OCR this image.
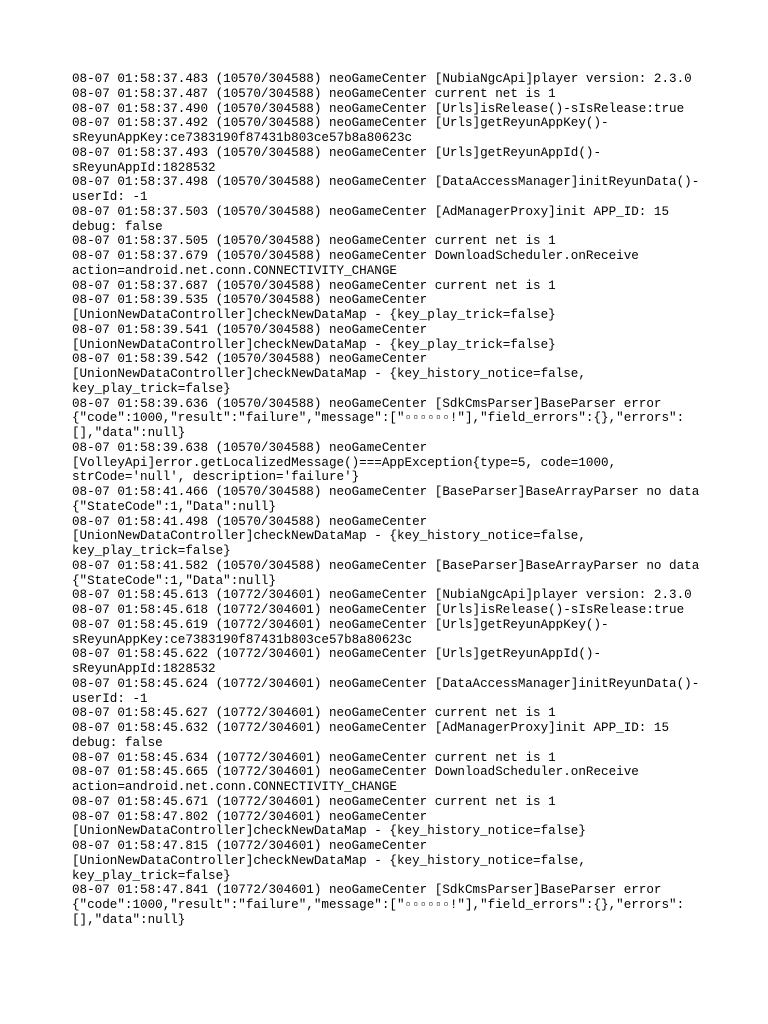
08-07 01:58:37.483 (10570/304588) neoGameCenter [NubiaNgcApi]player version: 2.3.0
08-07 01:58:37.487 (10570/304588) neoGameCenter current net is 1
08-07 01:58:37.490 (10570/304588) neoGameCenter [Urls]isRelease()-sIsRelease:true
08-07 01:58:37.492 (10570/304588) neoGameCenter [Urls]getReyunAppKey()-
sReyunAppKey:ce7383190f87431b803ce57b8a80623c
08-07 01:58:37.493 (10570/304588) neoGameCenter [Urls]getReyunAppId()-
sReyunAppId:1828532
08-07 01:58:37.498 (10570/304588) neoGameCenter [DataAccessManager]initReyunData()-
userId: -1
08-07 01:58:37.503 (10570/304588) neoGameCenter [AdManagerProxy]init APP_ID: 15
debug: false
08-07 01:58:37.505 (10570/304588) neoGameCenter current net is 1
08-07 01:58:37.679 (10570/304588) neoGameCenter DownloadScheduler.onReceive
action=android.net.conn.CONNECTIVITY_CHANGE
08-07 01:58:37.687 (10570/304588) neoGameCenter current net is 1
08-07 01:58:39.535 (10570/304588) neoGameCenter
[UnionNewDataController]checkNewDataMap - {key_play_trick=false}
08-07 01:58:39.541 (10570/304588) neoGameCenter
[UnionNewDataController]checkNewDataMap - {key_play_trick=false}
08-07 01:58:39.542 (10570/304588) neoGameCenter
[UnionNewDataController]checkNewDataMap - {key_history_notice=false,
key_play_trick=false}
08-07 01:58:39.636 (10570/304588) neoGameCenter [SdkCmsParser]BaseParser error
{"code":1000,"result":"failure","message":["▫▫▫▫▫▫!"],"field_errors":{},"errors":
[],"data":null}
08-07 01:58:39.638 (10570/304588) neoGameCenter
[VolleyApi]error.getLocalizedMessage()===AppException{type=5, code=1000,
strCode='null', description='failure'}
08-07 01:58:41.466 (10570/304588) neoGameCenter [BaseParser]BaseArrayParser no data
{"StateCode":1,"Data":null}
08-07 01:58:41.498 (10570/304588) neoGameCenter
[UnionNewDataController]checkNewDataMap - {key_history_notice=false,
key_play_trick=false}
08-07 01:58:41.582 (10570/304588) neoGameCenter [BaseParser]BaseArrayParser no data
{"StateCode":1,"Data":null}
08-07 01:58:45.613 (10772/304601) neoGameCenter [NubiaNgcApi]player version: 2.3.0
08-07 01:58:45.618 (10772/304601) neoGameCenter [Urls]isRelease()-sIsRelease:true
08-07 01:58:45.619 (10772/304601) neoGameCenter [Urls]getReyunAppKey()-
sReyunAppKey:ce7383190f87431b803ce57b8a80623c
08-07 01:58:45.622 (10772/304601) neoGameCenter [Urls]getReyunAppId()-
sReyunAppId:1828532
08-07 01:58:45.624 (10772/304601) neoGameCenter [DataAccessManager]initReyunData()-
userId: -1
08-07 01:58:45.627 (10772/304601) neoGameCenter current net is 1
08-07 01:58:45.632 (10772/304601) neoGameCenter [AdManagerProxy]init APP_ID: 15
debug: false
08-07 01:58:45.634 (10772/304601) neoGameCenter current net is 1
08-07 01:58:45.665 (10772/304601) neoGameCenter DownloadScheduler.onReceive
action=android.net.conn.CONNECTIVITY_CHANGE
08-07 01:58:45.671 (10772/304601) neoGameCenter current net is 1
08-07 01:58:47.802 (10772/304601) neoGameCenter
[UnionNewDataController]checkNewDataMap - {key_history_notice=false}
08-07 01:58:47.815 (10772/304601) neoGameCenter
[UnionNewDataController]checkNewDataMap - {key_history_notice=false,
key_play_trick=false}
08-07 01:58:47.841 (10772/304601) neoGameCenter [SdkCmsParser]BaseParser error
{"code":1000,"result":"failure","message":["▫▫▫▫▫▫!"],"field_errors":{},"errors":
[],"data":null}
